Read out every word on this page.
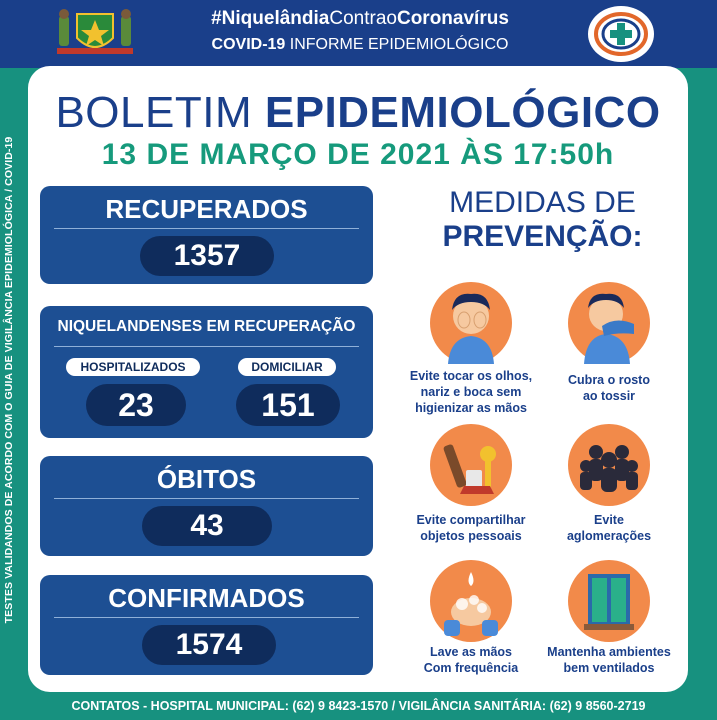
#NiquelândiaContraoCoronavírus
COVID-19 INFORME EPIDEMIOLÓGICO
TESTES VALIDANDOS DE ACORDO COM O GUIA DE VIGILÂNCIA EPIDEMIOLÓGICA / COVID-19
BOLETIM EPIDEMIOLÓGICO
13 DE MARÇO DE 2021 ÀS 17:50h
RECUPERADOS
1357
NIQUELANDENSES EM RECUPERAÇÃO
HOSPITALIZADOS	DOMICILIAR
23	151
ÓBITOS
43
CONFIRMADOS
1574
MEDIDAS DE
PREVENÇÃO:
Evite tocar os olhos,
nariz e boca sem
higienizar as mãos
Cubra o rosto
ao tossir
Evite compartilhar
objetos pessoais
Evite
aglomerações
Lave as mãos
Com frequência
Mantenha ambientes
bem ventilados
CONTATOS - HOSPITAL MUNICIPAL: (62) 9 8423-1570 / VIGILÂNCIA SANITÁRIA: (62) 9 8560-2719
